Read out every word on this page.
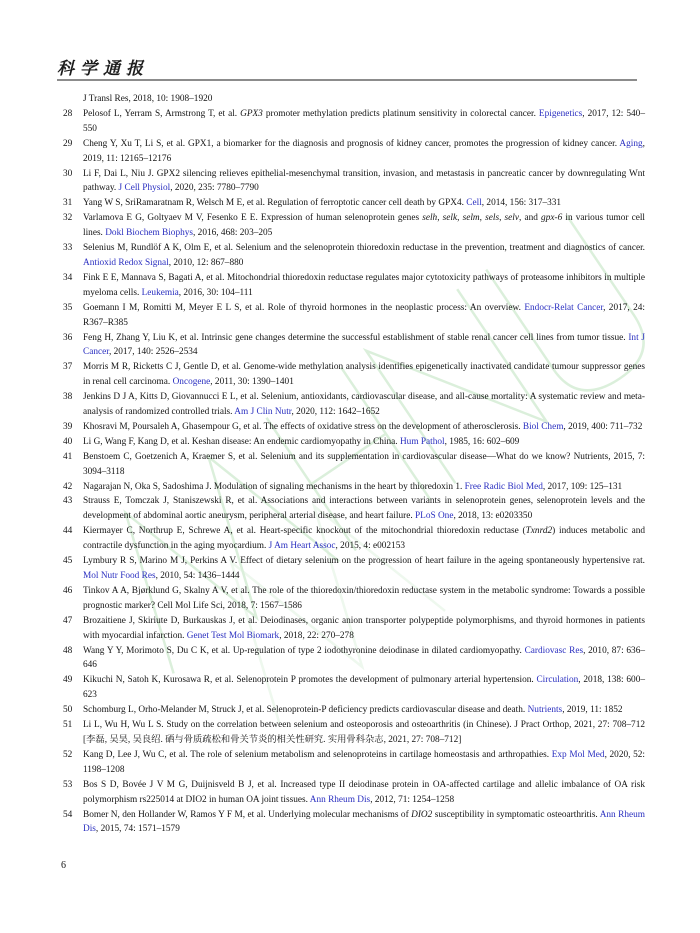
科学通报
J Transl Res, 2018, 10: 1908–1920
28 Pelosof L, Yerram S, Armstrong T, et al. GPX3 promoter methylation predicts platinum sensitivity in colorectal cancer. Epigenetics, 2017, 12: 540–550
29 Cheng Y, Xu T, Li S, et al. GPX1, a biomarker for the diagnosis and prognosis of kidney cancer, promotes the progression of kidney cancer. Aging, 2019, 11: 12165–12176
30 Li F, Dai L, Niu J. GPX2 silencing relieves epithelial-mesenchymal transition, invasion, and metastasis in pancreatic cancer by downregulating Wnt pathway. J Cell Physiol, 2020, 235: 7780–7790
31 Yang W S, SriRamaratnam R, Welsch M E, et al. Regulation of ferroptotic cancer cell death by GPX4. Cell, 2014, 156: 317–331
32 Varlamova E G, Goltyaev M V, Fesenko E E. Expression of human selenoprotein genes selh, selk, selm, sels, selv, and gpx-6 in various tumor cell lines. Dokl Biochem Biophys, 2016, 468: 203–205
33 Selenius M, Rundlöf A K, Olm E, et al. Selenium and the selenoprotein thioredoxin reductase in the prevention, treatment and diagnostics of cancer. Antioxid Redox Signal, 2010, 12: 867–880
34 Fink E E, Mannava S, Bagati A, et al. Mitochondrial thioredoxin reductase regulates major cytotoxicity pathways of proteasome inhibitors in multiple myeloma cells. Leukemia, 2016, 30: 104–111
35 Goemann I M, Romitti M, Meyer E L S, et al. Role of thyroid hormones in the neoplastic process: An overview. Endocr-Relat Cancer, 2017, 24: R367–R385
36 Feng H, Zhang Y, Liu K, et al. Intrinsic gene changes determine the successful establishment of stable renal cancer cell lines from tumor tissue. Int J Cancer, 2017, 140: 2526–2534
37 Morris M R, Ricketts C J, Gentle D, et al. Genome-wide methylation analysis identifies epigenetically inactivated candidate tumour suppressor genes in renal cell carcinoma. Oncogene, 2011, 30: 1390–1401
38 Jenkins D J A, Kitts D, Giovannucci E L, et al. Selenium, antioxidants, cardiovascular disease, and all-cause mortality: A systematic review and meta-analysis of randomized controlled trials. Am J Clin Nutr, 2020, 112: 1642–1652
39 Khosravi M, Poursaleh A, Ghasempour G, et al. The effects of oxidative stress on the development of atherosclerosis. Biol Chem, 2019, 400: 711–732
40 Li G, Wang F, Kang D, et al. Keshan disease: An endemic cardiomyopathy in China. Hum Pathol, 1985, 16: 602–609
41 Benstoem C, Goetzenich A, Kraemer S, et al. Selenium and its supplementation in cardiovascular disease—What do we know? Nutrients, 2015, 7: 3094–3118
42 Nagarajan N, Oka S, Sadoshima J. Modulation of signaling mechanisms in the heart by thioredoxin 1. Free Radic Biol Med, 2017, 109: 125–131
43 Strauss E, Tomczak J, Staniszewski R, et al. Associations and interactions between variants in selenoprotein genes, selenoprotein levels and the development of abdominal aortic aneurysm, peripheral arterial disease, and heart failure. PLoS One, 2018, 13: e0203350
44 Kiermayer C, Northrup E, Schrewe A, et al. Heart-specific knockout of the mitochondrial thioredoxin reductase (Txnrd2) induces metabolic and contractile dysfunction in the aging myocardium. J Am Heart Assoc, 2015, 4: e002153
45 Lymbury R S, Marino M J, Perkins A V. Effect of dietary selenium on the progression of heart failure in the ageing spontaneously hypertensive rat. Mol Nutr Food Res, 2010, 54: 1436–1444
46 Tinkov A A, Bjørklund G, Skalny A V, et al. The role of the thioredoxin/thioredoxin reductase system in the metabolic syndrome: Towards a possible prognostic marker? Cell Mol Life Sci, 2018, 7: 1567–1586
47 Brozaitiene J, Skiriute D, Burkauskas J, et al. Deiodinases, organic anion transporter polypeptide polymorphisms, and thyroid hormones in patients with myocardial infarction. Genet Test Mol Biomark, 2018, 22: 270–278
48 Wang Y Y, Morimoto S, Du C K, et al. Up-regulation of type 2 iodothyronine deiodinase in dilated cardiomyopathy. Cardiovasc Res, 2010, 87: 636–646
49 Kikuchi N, Satoh K, Kurosawa R, et al. Selenoprotein P promotes the development of pulmonary arterial hypertension. Circulation, 2018, 138: 600–623
50 Schomburg L, Orho-Melander M, Struck J, et al. Selenoprotein-P deficiency predicts cardiovascular disease and death. Nutrients, 2019, 11: 1852
51 Li L, Wu H, Wu L S. Study on the correlation between selenium and osteoporosis and osteoarthritis (in Chinese). J Pract Orthop, 2021, 27: 708–712 [李磊, 吴昊, 吴良绍. 硒与骨质疏松和骨关节炎的相关性研究. 实用骨科杂志, 2021, 27: 708–712]
52 Kang D, Lee J, Wu C, et al. The role of selenium metabolism and selenoproteins in cartilage homeostasis and arthropathies. Exp Mol Med, 2020, 52: 1198–1208
53 Bos S D, Bovée J V M G, Duijnisveld B J, et al. Increased type II deiodinase protein in OA-affected cartilage and allelic imbalance of OA risk polymorphism rs225014 at DIO2 in human OA joint tissues. Ann Rheum Dis, 2012, 71: 1254–1258
54 Bomer N, den Hollander W, Ramos Y F M, et al. Underlying molecular mechanisms of DIO2 susceptibility in symptomatic osteoarthritis. Ann Rheum Dis, 2015, 74: 1571–1579
6
